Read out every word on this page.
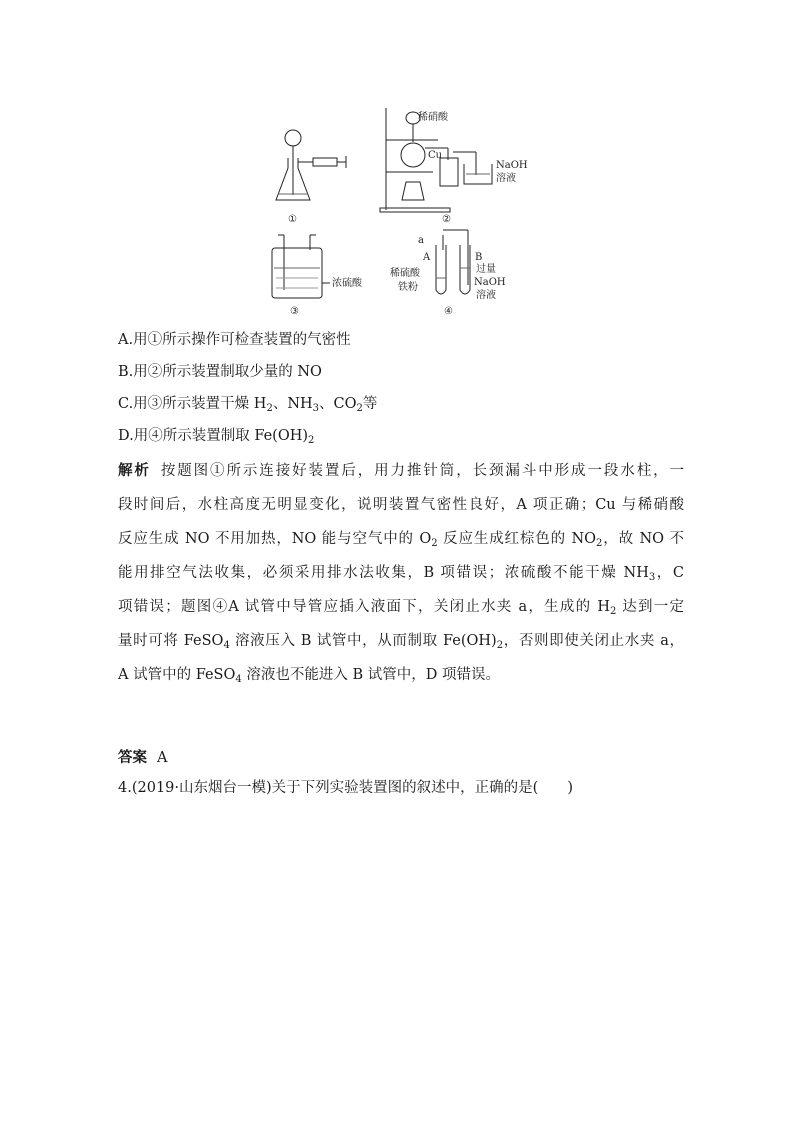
稀硝酸
Cu
NaOH
溶液
浓硫酸
a
A	B
稀硫酸
铁粉
过量
NaOH
溶液
①	②
③	④
A.用①所示操作可检查装置的气密性
B.用②所示装置制取少量的 NO
C.用③所示装置干燥 $H_2$、$NH_3$、$CO_2$等
D.用④所示装置制取 $Fe(OH)_2$
解析 按题图①所示连接好装置后，用力推针筒，长颈漏斗中形成一段水柱，一
段时间后，水柱高度无明显变化，说明装置气密性良好，A 项正确；Cu 与稀硝酸
反应生成 NO 不用加热，NO 能与空气中的 $O_2$ 反应生成红棕色的 $NO_2$，故 NO 不
能用排空气法收集，必须采用排水法收集，B 项错误；浓硫酸不能干燥 $NH_3$，C
项错误；题图④A 试管中导管应插入液面下，关闭止水夹 a，生成的 $H_2$ 达到一定
量时可将 FeSO$_4$ 溶液压入 B 试管中，从而制取 $Fe(OH)_2$，否则即使关闭止水夹 a，
A 试管中的 FeSO$_4$ 溶液也不能进入 B 试管中，D 项错误。
答案 A
4.(2019·山东烟台一模)关于下列实验装置图的叙述中，正确的是(　　)
